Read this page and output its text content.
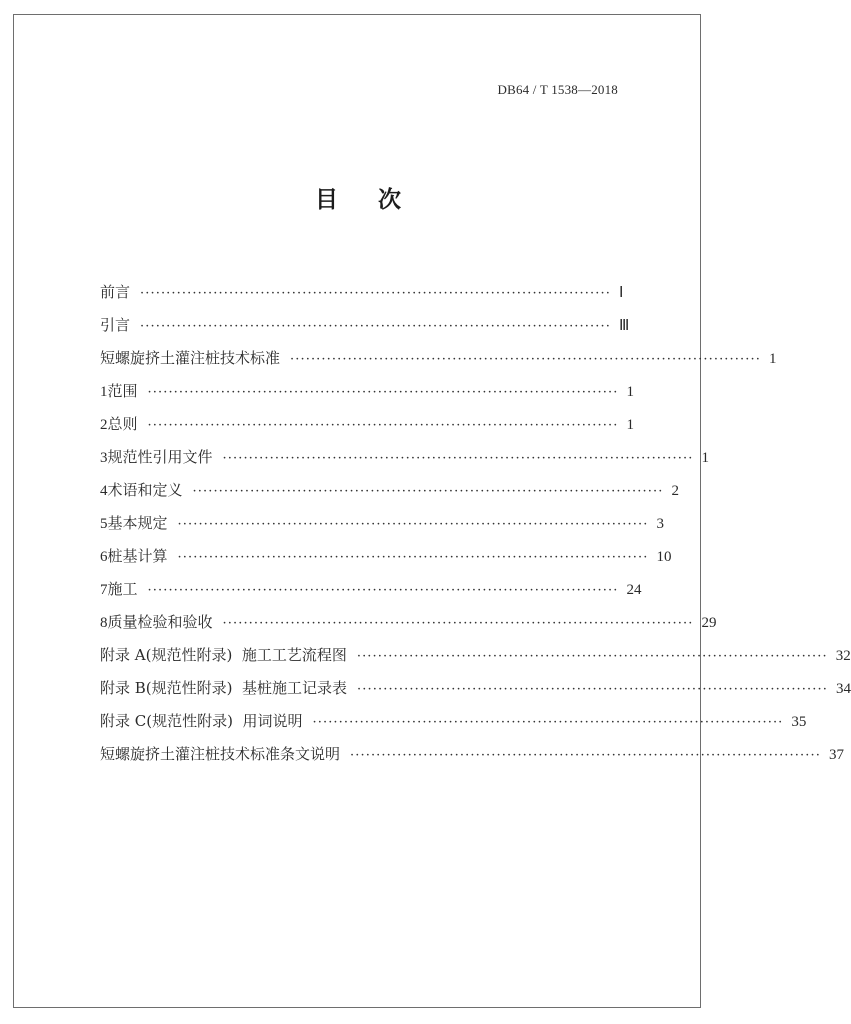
DB64 / T 1538—2018
目 次
前言 ·························································································· Ⅰ
引言 ·························································································· Ⅲ
短螺旋挤土灌注桩技术标准 ·························································································· 1
1 范围 ·························································································· 1
2 总则 ·························································································· 1
3 规范性引用文件 ·························································································· 1
4 术语和定义 ·························································································· 2
5 基本规定 ·························································································· 3
6 桩基计算 ·························································································· 10
7 施工 ·························································································· 24
8 质量检验和验收 ·························································································· 29
附录 A(规范性附录)  施工工艺流程图 ·························································································· 32
附录 B(规范性附录)  基桩施工记录表 ·························································································· 34
附录 C(规范性附录)  用词说明 ·························································································· 35
短螺旋挤土灌注桩技术标准条文说明 ·························································································· 37
